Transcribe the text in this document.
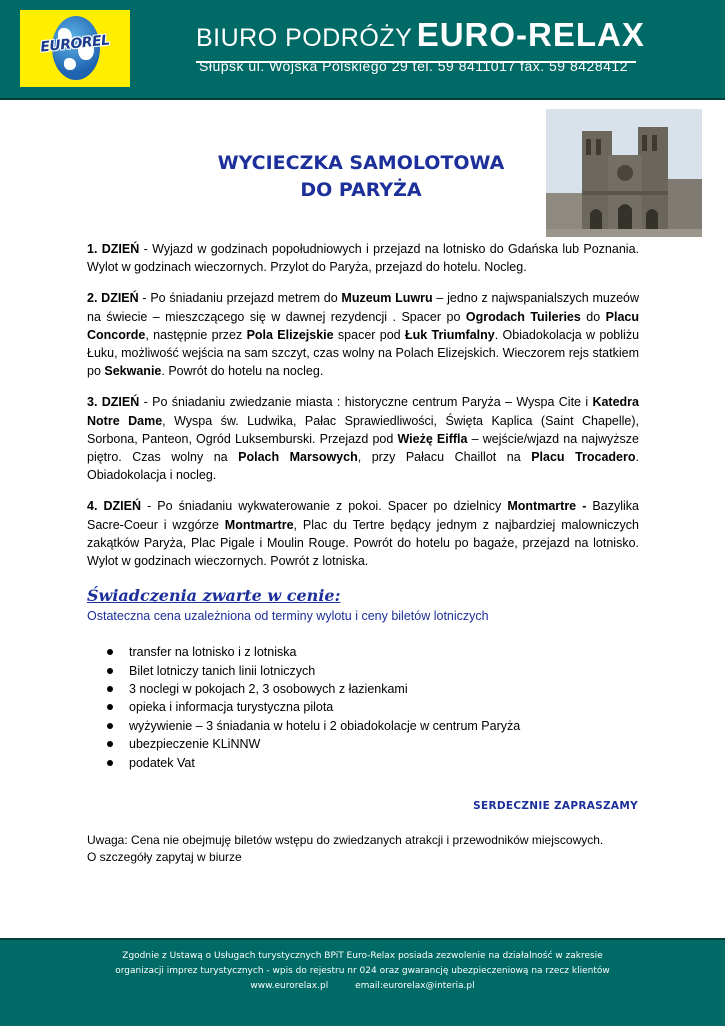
EUROREL	BIURO PODRÓŻY EURO-RELAX
Słupsk ul. Wojska Polskiego 29 tel. 59 8411017 fax. 59 8428412
WYCIECZKA SAMOLOTOWA
DO PARYŻA

1. DZIEŃ - Wyjazd w godzinach popołudniowych i przejazd na lotnisko do Gdańska lub Poznania. Wylot w godzinach wieczornych. Przylot do Paryża, przejazd do hotelu. Nocleg.

2. DZIEŃ - Po śniadaniu przejazd metrem do Muzeum Luwru – jedno z najwspanialszych muzeów na świecie – mieszczącego się w dawnej rezydencji . Spacer po Ogrodach Tuileries do Placu Concorde, następnie przez Pola Elizejskie spacer pod Łuk Triumfalny. Obiadokolacja w pobliżu Łuku, możliwość wejścia na sam szczyt, czas wolny na Polach Elizejskich. Wieczorem rejs statkiem po Sekwanie. Powrót do hotelu na nocleg.

3. DZIEŃ - Po śniadaniu zwiedzanie miasta : historyczne centrum Paryża – Wyspa Cite i Katedra Notre Dame, Wyspa św. Ludwika, Pałac Sprawiedliwości, Święta Kaplica (Saint Chapelle), Sorbona, Panteon, Ogród Luksemburski. Przejazd pod Wieżę Eiffla – wejście/wjazd na najwyższe piętro. Czas wolny na Polach Marsowych, przy Pałacu Chaillot na Placu Trocadero. Obiadokolacja i nocleg.

4. DZIEŃ - Po śniadaniu wykwaterowanie z pokoi. Spacer po dzielnicy Montmartre - Bazylika Sacre-Coeur i wzgórze Montmartre, Plac du Tertre będący jednym z najbardziej malowniczych zakątków Paryża, Plac Pigale i Moulin Rouge. Powrót do hotelu po bagaże, przejazd na lotnisko. Wylot w godzinach wieczornych. Powrót z lotniska.

Świadczenia zwarte w cenie:
Ostateczna cena uzależniona od terminy wylotu i ceny biletów lotniczych
transfer na lotnisko i z lotniska
Bilet lotniczy tanich linii lotniczych
3 noclegi w pokojach 2, 3 osobowych z łazienkami
opieka i informacja turystyczna pilota
wyżywienie – 3 śniadania w hotelu i 2 obiadokolacje w centrum Paryża
ubezpieczenie KLiNNW
podatek Vat
SERDECZNIE ZAPRASZAMY
Uwaga: Cena nie obejmuję biletów wstępu do zwiedzanych atrakcji i przewodników miejscowych.
O szczegóły zapytaj w biurze
Zgodnie z Ustawą o Usługach turystycznych BPiT Euro-Relax posiada zezwolenie na działalność w zakresie
organizacji imprez turystycznych - wpis do rejestru nr 024 oraz gwarancję ubezpieczeniową na rzecz klientów
www.eurorelax.pl	email:eurorelax@interia.pl
